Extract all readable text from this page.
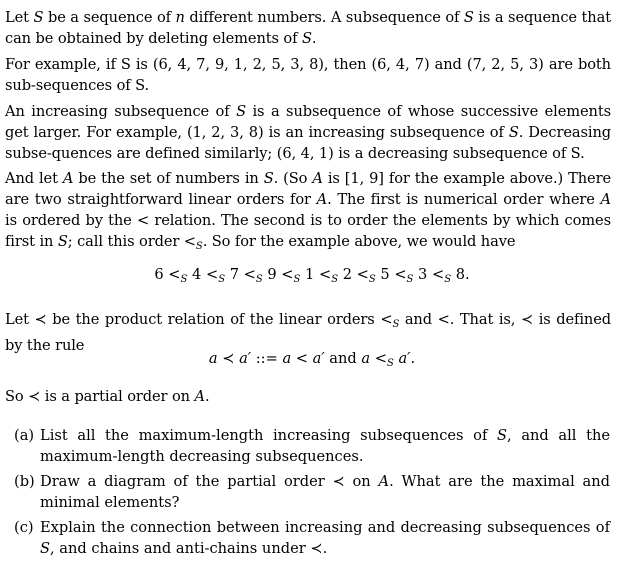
Let S be a sequence of n different numbers. A subsequence of S is a sequence that can be obtained by deleting elements of S.
For example, if S is (6, 4, 7, 9, 1, 2, 5, 3, 8), then (6, 4, 7) and (7, 2, 5, 3) are both sub-sequences of S.
An increasing subsequence of S is a subsequence of whose successive elements get larger. For example, (1, 2, 3, 8) is an increasing subsequence of S. Decreasing subse-quences are defined similarly; (6, 4, 1) is a decreasing subsequence of S.
And let A be the set of numbers in S. (So A is [1, 9] for the example above.) There are two straightforward linear orders for A. The first is numerical order where A is ordered by the < relation. The second is to order the elements by which comes first in S; call this order $<_S$. So for the example above, we would have
$6 <_S$ $4 <_S$ $7 <_S$ $9 <_S$ $1 <_S$ $2 <_S$ $5 <_S$ $3 <_S$ 8.
Let ≺ be the product relation of the linear orders $<_S$ and <. That is, ≺ is defined by the rule
a ≺ a′ ::= a < a′ and $a <_S$ a′.
So ≺ is a partial order on A.
(a) List all the maximum-length increasing subsequences of S, and all the maximum-length decreasing subsequences.
(b) Draw a diagram of the partial order ≺ on A. What are the maximal and minimal elements?
(c) Explain the connection between increasing and decreasing subsequences of S, and chains and anti-chains under ≺.
